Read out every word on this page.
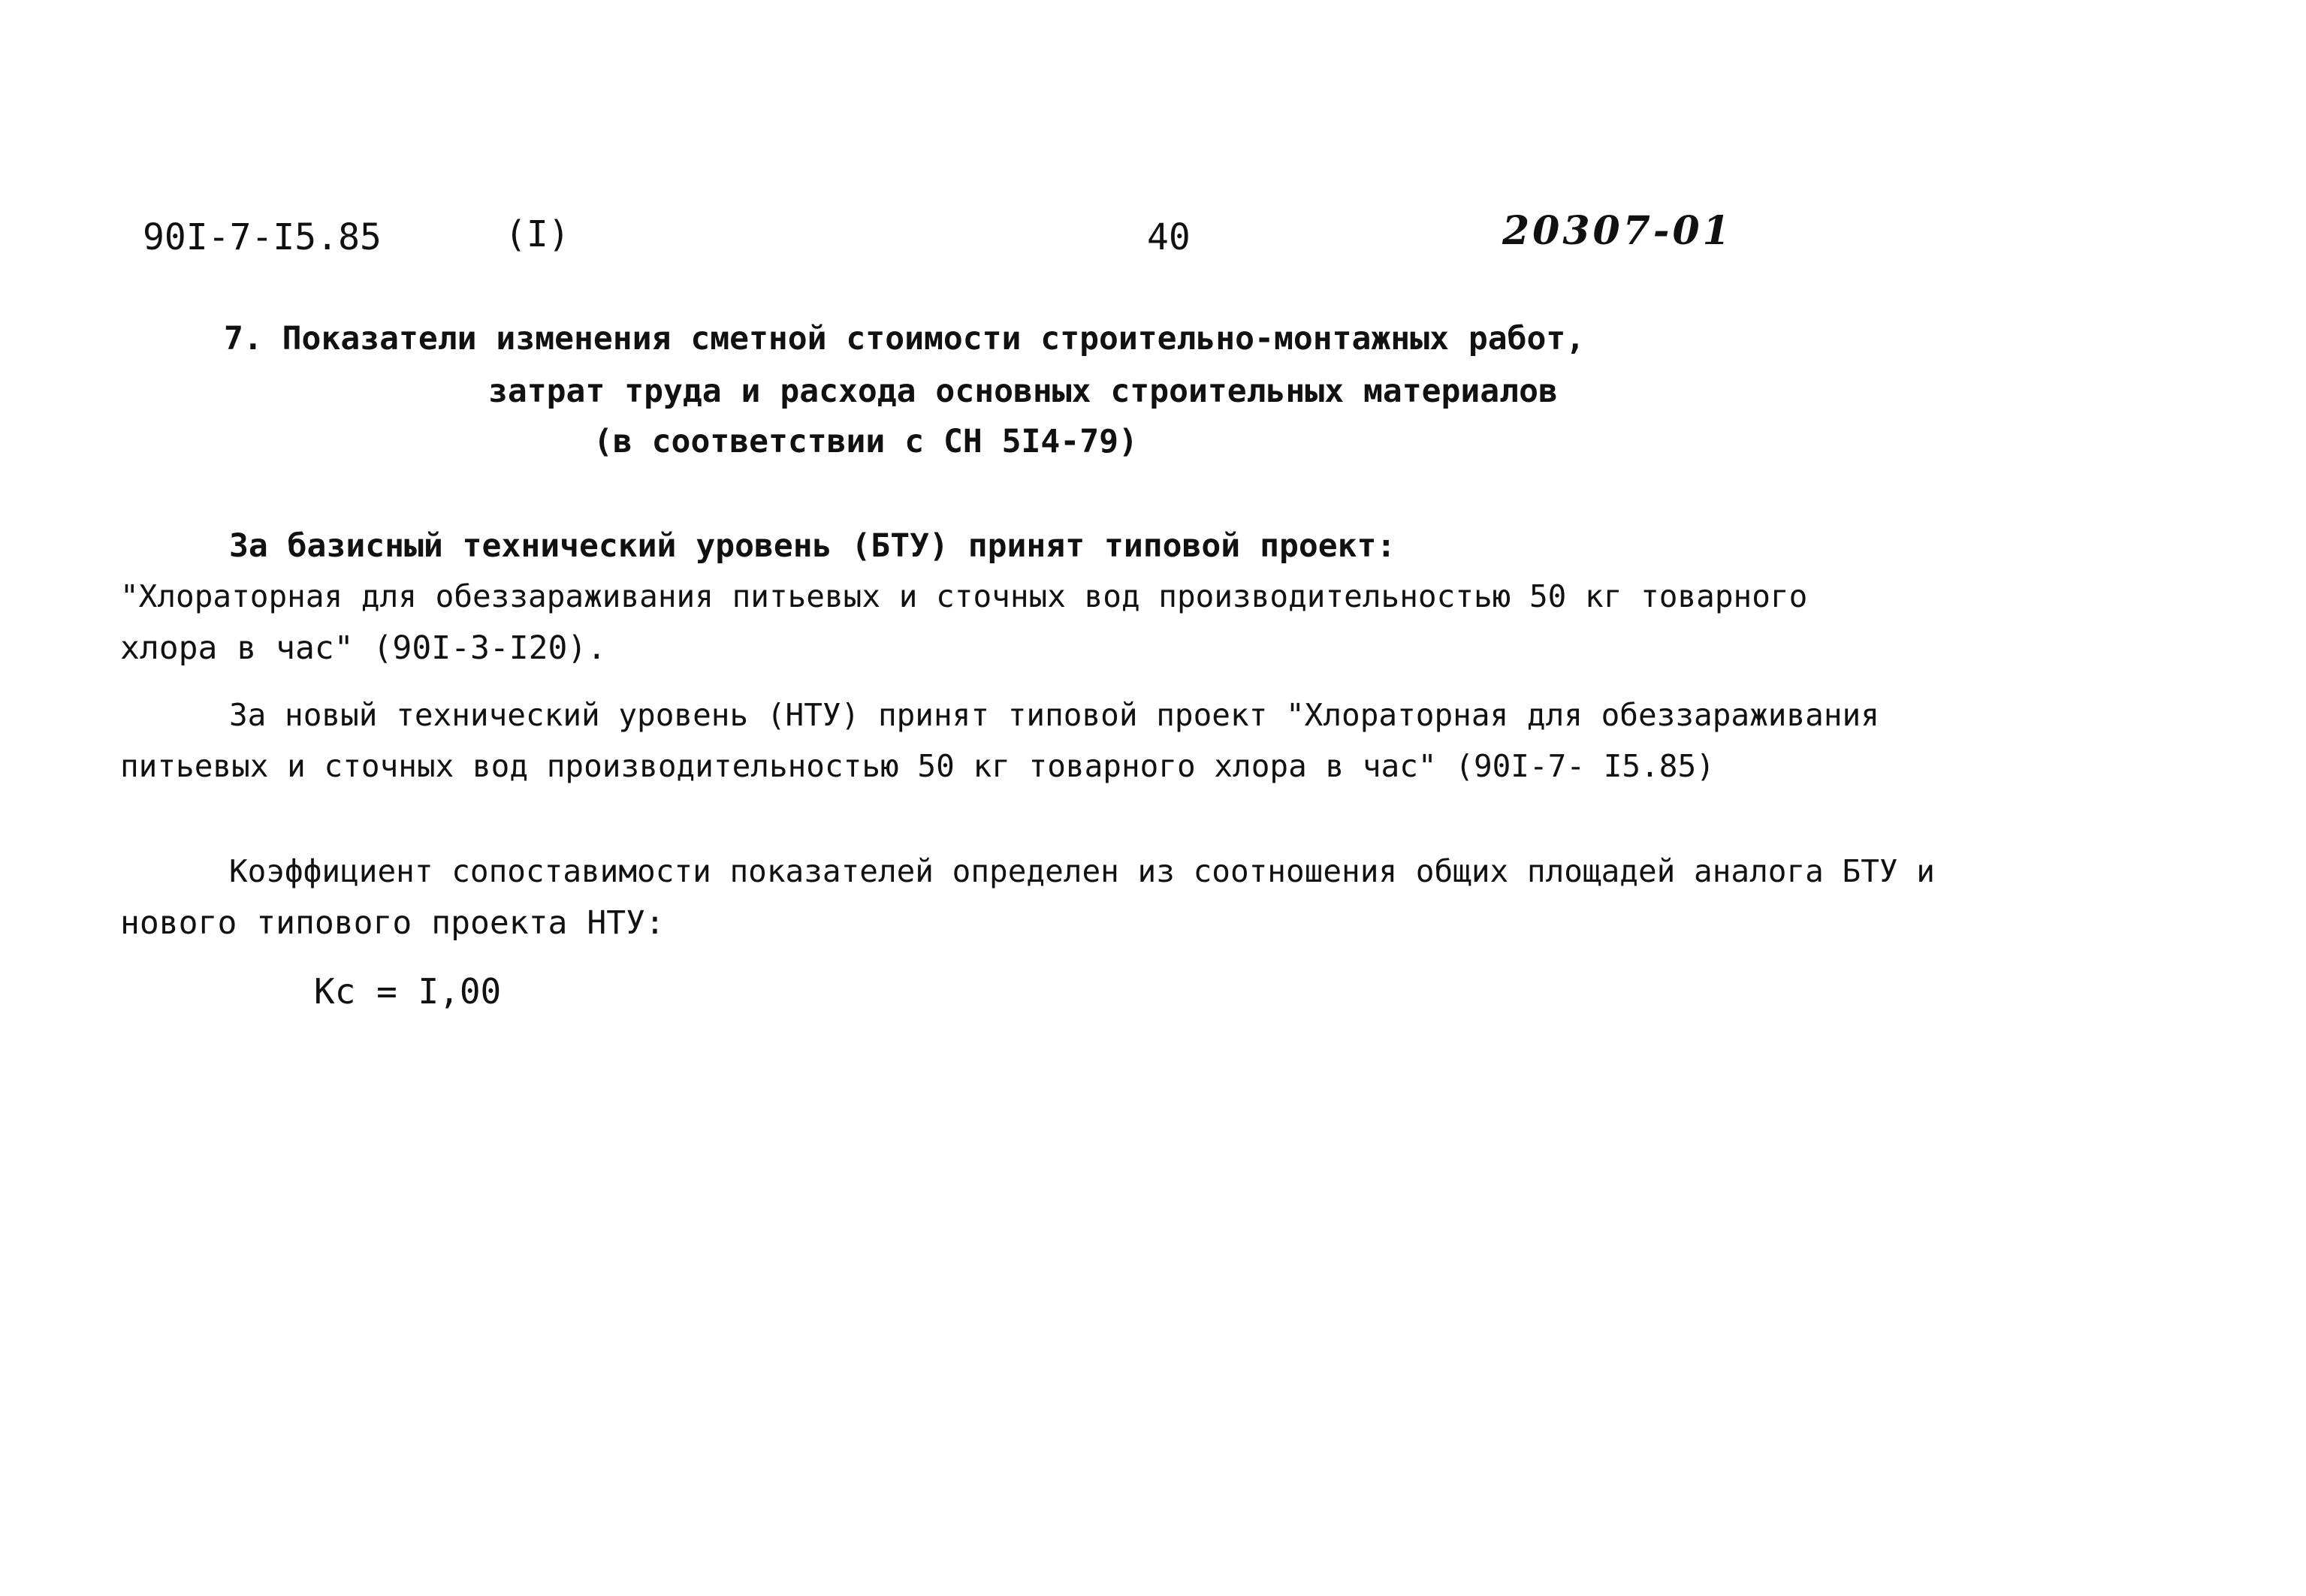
90I-7-I5.85	(I)	40	20307-01
7. Показатели изменения сметной стоимости строительно-монтажных работ,
затрат труда и расхода основных строительных материалов
(в соответствии с СН 5I4-79)
За базисный технический уровень (БТУ) принят типовой проект:
"Хлораторная для обеззараживания питьевых и сточных вод производительностью 50 кг товарного
хлора в час" (90I-3-I20).
За новый технический уровень (НТУ) принят типовой проект "Хлораторная для обеззараживания
питьевых и сточных вод производительностью 50 кг товарного хлора в час" (90I-7- I5.85)
Коэффициент сопоставимости показателей определен из соотношения общих площадей аналога БТУ и
нового типового проекта НТУ:
Кс = I,00
